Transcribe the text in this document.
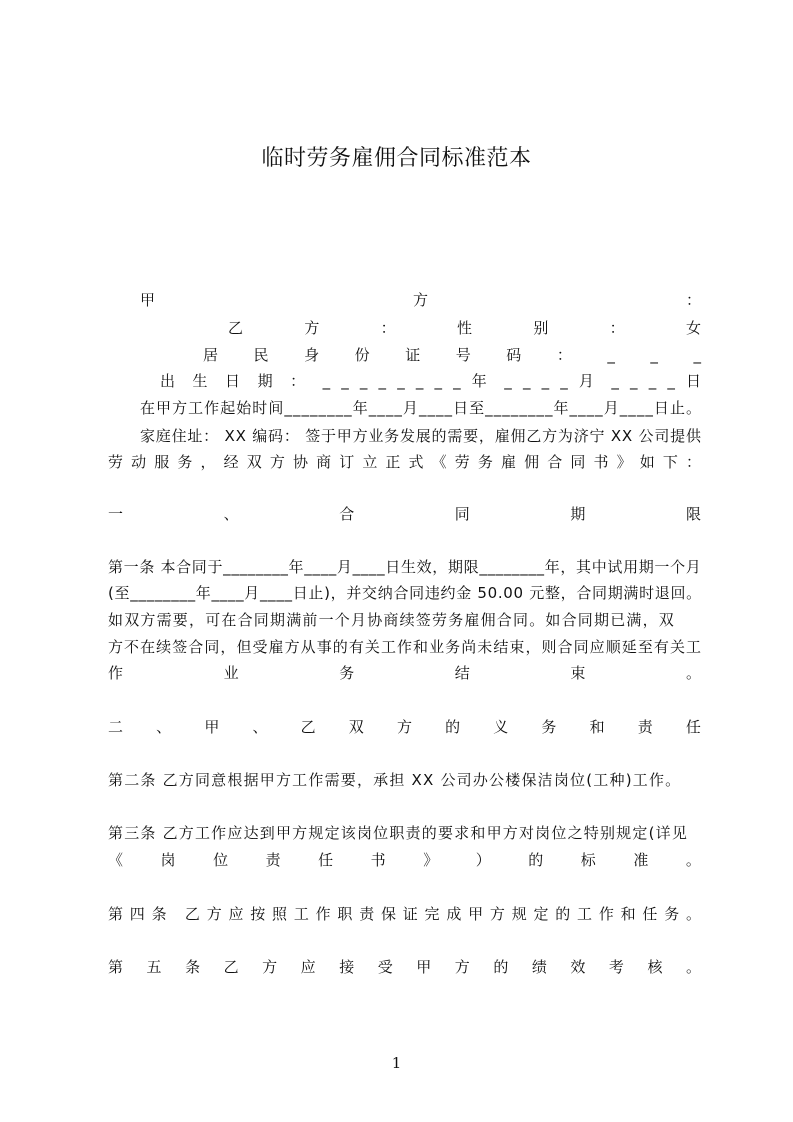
临时劳务雇佣合同标准范本
甲	方	：
乙	方	：	性	别	：	女
居 民 身 份 证 号 码 ： _ _ _
出 生 日 期 ： _ _ _ _ _ _ _ _ 年 _ _ _ _ 月 _ _ _ _ 日
在甲方工作起始时间________年____月____日至________年____月____日止。
家庭住址： XX 编码： 签于甲方业务发展的需要，雇佣乙方为济宁 XX 公司提供
劳动服务，经双方协商订立正式《劳务雇佣合同书》如下：
一	、	合	同	期	限
第一条 本合同于________年____月____日生效，期限________年，其中试用期一个月
(至________年____月____日止)，并交纳合同违约金 50.00 元整，合同期满时退回。
如双方需要，可在合同期满前一个月协商续签劳务雇佣合同。如合同期已满，双
方不在续签合同，但受雇方从事的有关工作和业务尚未结束，则合同应顺延至有关工
作	业	务	结	束	。
二 、 甲 、 乙 双 方 的 义 务 和 责 任
第二条 乙方同意根据甲方工作需要，承担 XX 公司办公楼保洁岗位(工种)工作。
第三条 乙方工作应达到甲方规定该岗位职责的要求和甲方对岗位之特别规定(详见
《	岗	位	责	任	书	》	）	的	标	准	。
第四条 乙方应按照工作职责保证完成甲方规定的工作和任务。
第 五 条 乙 方 应 接 受 甲 方 的 绩 效 考 核 。
1
